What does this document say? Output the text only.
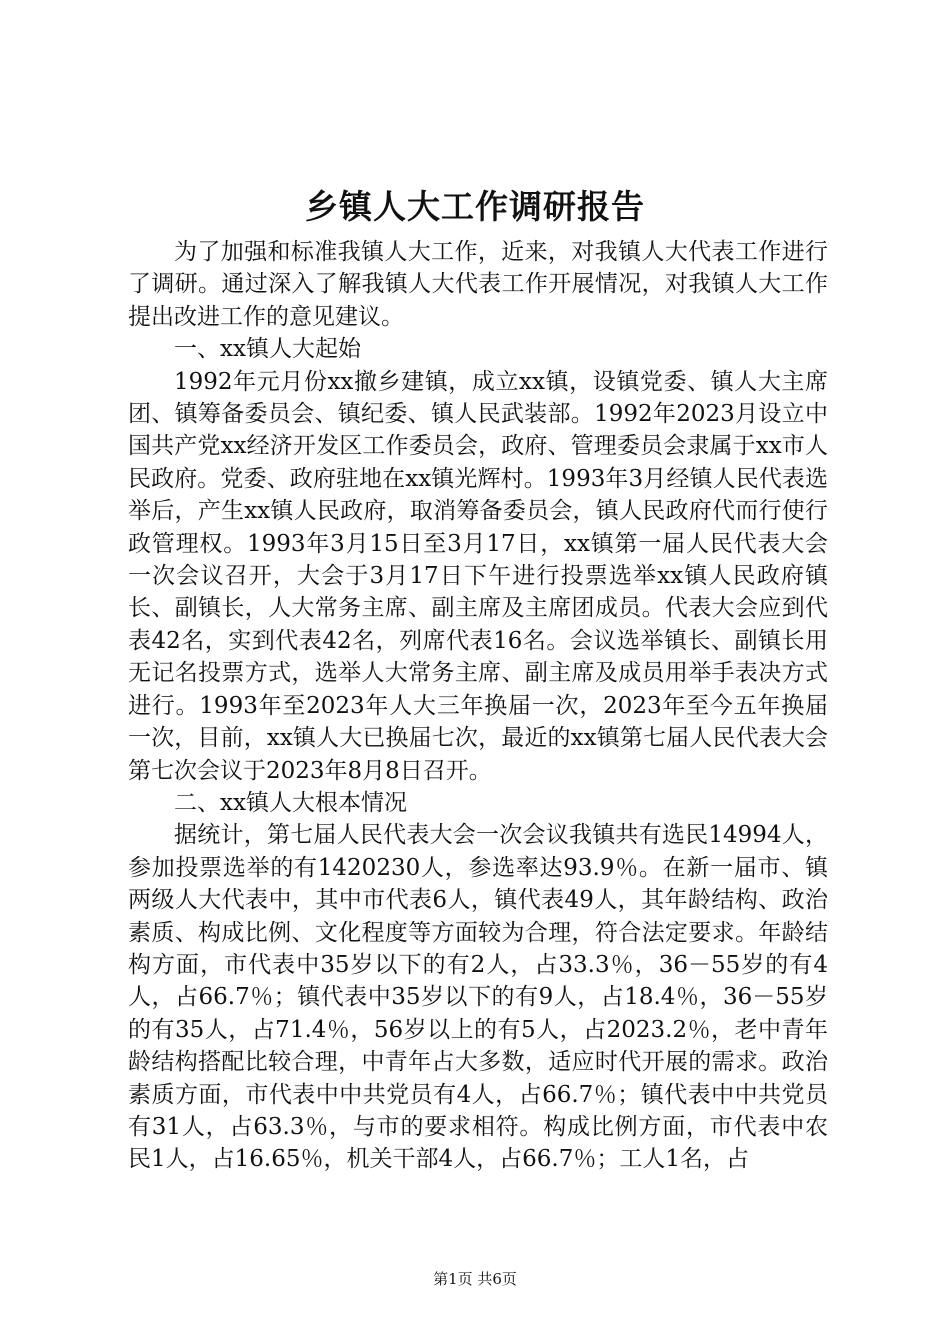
乡镇人大工作调研报告

为了加强和标准我镇人大工作，近来，对我镇人大代表工作进行了调研。通过深入了解我镇人大代表工作开展情况，对我镇人大工作提出改进工作的意见建议。

一、xx镇人大起始

1992年元月份xx撤乡建镇，成立xx镇，设镇党委、镇人大主席团、镇筹备委员会、镇纪委、镇人民武装部。1992年2023月设立中国共产党xx经济开发区工作委员会，政府、管理委员会隶属于xx市人民政府。党委、政府驻地在xx镇光辉村。1993年3月经镇人民代表选举后，产生xx镇人民政府，取消筹备委员会，镇人民政府代而行使行政管理权。1993年3月15日至3月17日，xx镇第一届人民代表大会一次会议召开，大会于3月17日下午进行投票选举xx镇人民政府镇长、副镇长，人大常务主席、副主席及主席团成员。代表大会应到代表42名，实到代表42名，列席代表16名。会议选举镇长、副镇长用无记名投票方式，选举人大常务主席、副主席及成员用举手表决方式进行。1993年至2023年人大三年换届一次，2023年至今五年换届一次，目前，xx镇人大已换届七次，最近的xx镇第七届人民代表大会第七次会议于2023年8月8日召开。

二、xx镇人大根本情况

据统计，第七届人民代表大会一次会议我镇共有选民14994人，参加投票选举的有1420230人，参选率达93.9％。在新一届市、镇两级人大代表中，其中市代表6人，镇代表49人，其年龄结构、政治素质、构成比例、文化程度等方面较为合理，符合法定要求。年龄结构方面，市代表中35岁以下的有2人，占33.3％，36－55岁的有4人，占66.7％；镇代表中35岁以下的有9人，占18.4％，36－55岁的有35人，占71.4％，56岁以上的有5人，占2023.2％，老中青年龄结构搭配比较合理，中青年占大多数，适应时代开展的需求。政治素质方面，市代表中中共党员有4人，占66.7％；镇代表中中共党员有31人，占63.3％，与市的要求相符。构成比例方面，市代表中农民1人，占16.65％，机关干部4人，占66.7％；工人1名，占

第1页 共6页
